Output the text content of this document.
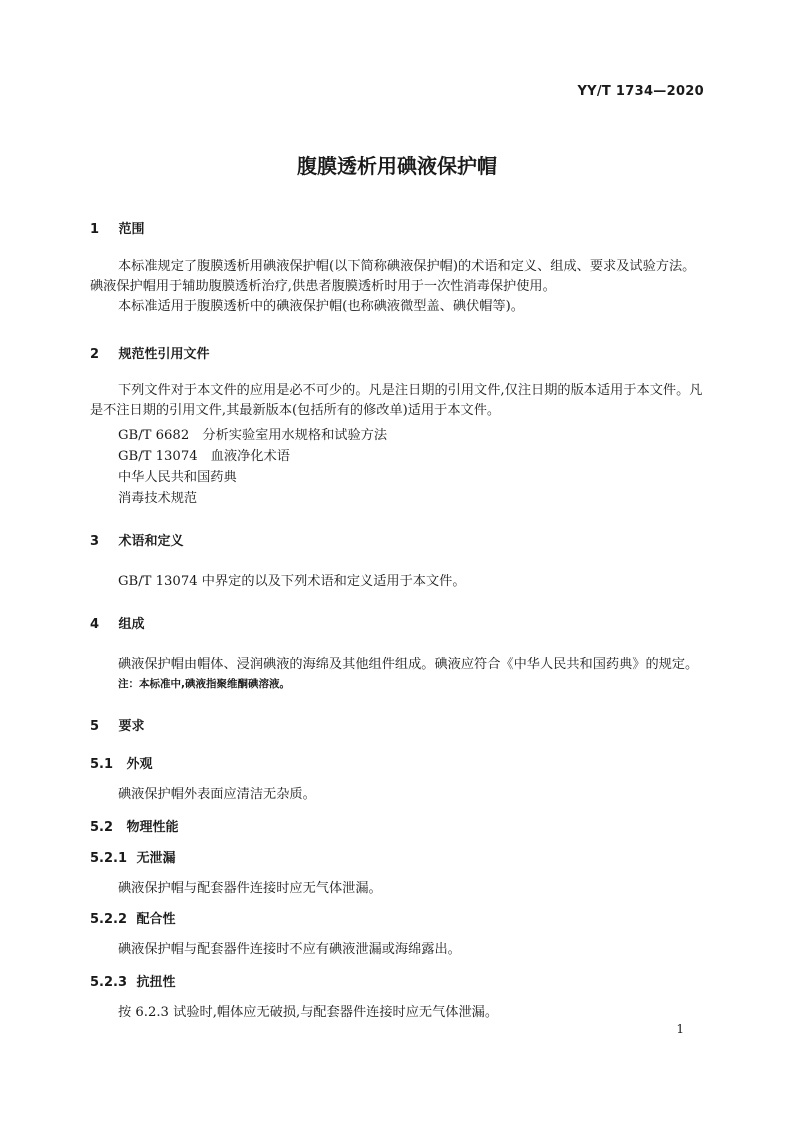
YY/T 1734—2020
腹膜透析用碘液保护帽
1 范围
本标准规定了腹膜透析用碘液保护帽(以下简称碘液保护帽)的术语和定义、组成、要求及试验方法。碘液保护帽用于辅助腹膜透析治疗,供患者腹膜透析时用于一次性消毒保护使用。
本标准适用于腹膜透析中的碘液保护帽(也称碘液微型盖、碘伏帽等)。
2 规范性引用文件
下列文件对于本文件的应用是必不可少的。凡是注日期的引用文件,仅注日期的版本适用于本文件。凡是不注日期的引用文件,其最新版本(包括所有的修改单)适用于本文件。
GB/T 6682　分析实验室用水规格和试验方法
GB/T 13074　血液净化术语
中华人民共和国药典
消毒技术规范
3 术语和定义
GB/T 13074 中界定的以及下列术语和定义适用于本文件。
4 组成
碘液保护帽由帽体、浸润碘液的海绵及其他组件组成。碘液应符合《中华人民共和国药典》的规定。
注：本标准中,碘液指聚维酮碘溶液。
5 要求
5.1 外观
碘液保护帽外表面应清洁无杂质。
5.2 物理性能
5.2.1 无泄漏
碘液保护帽与配套器件连接时应无气体泄漏。
5.2.2 配合性
碘液保护帽与配套器件连接时不应有碘液泄漏或海绵露出。
5.2.3 抗扭性
按 6.2.3 试验时,帽体应无破损,与配套器件连接时应无气体泄漏。
1
